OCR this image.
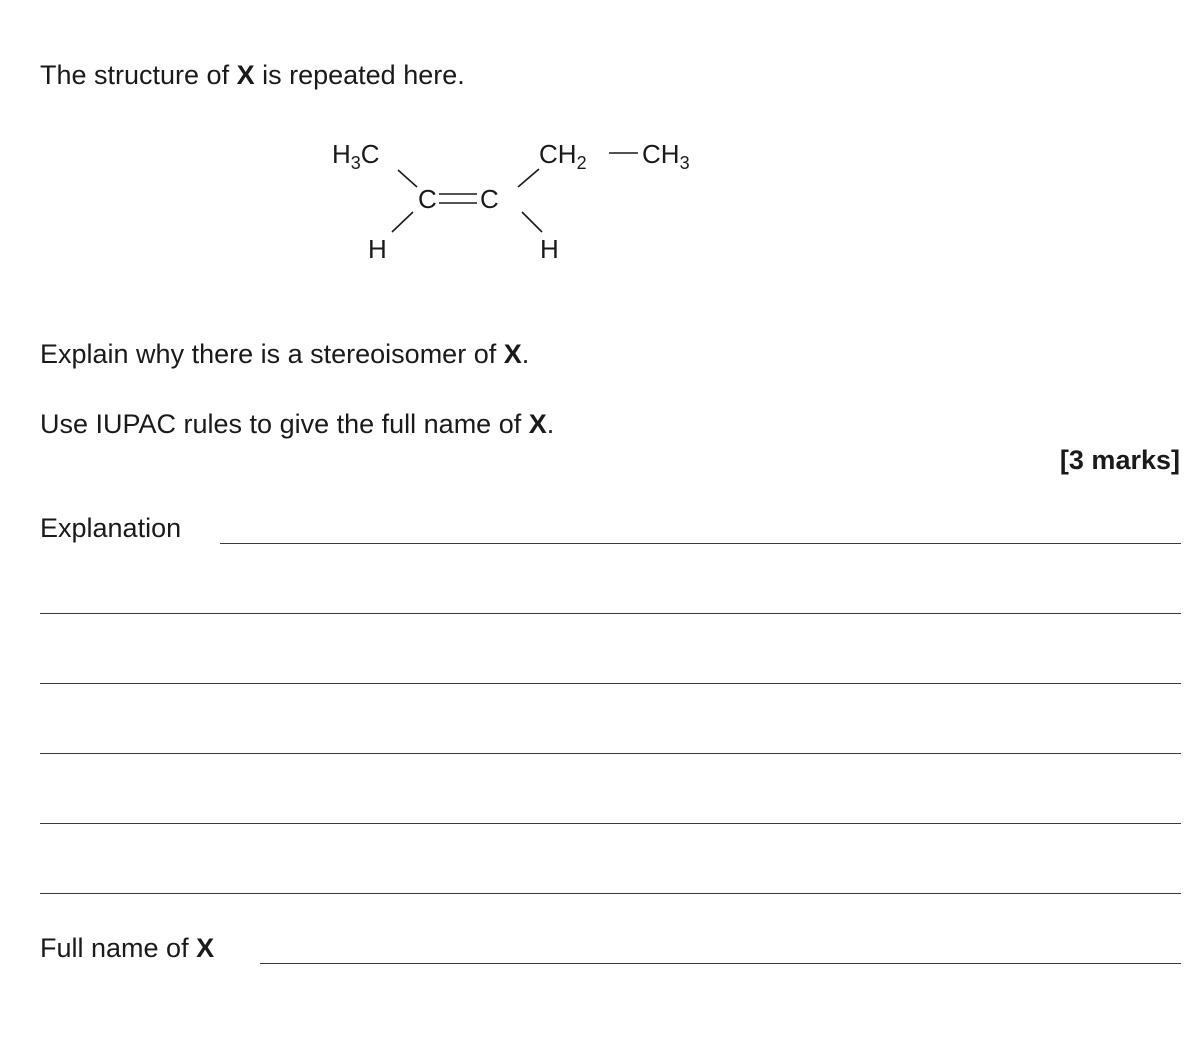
The structure of X is repeated here.
$H_3C$	$CH_2$ $CH_3$
C C
H	H
Explain why there is a stereoisomer of X.
Use IUPAC rules to give the full name of X.
[3 marks]
Explanation
Full name of X
